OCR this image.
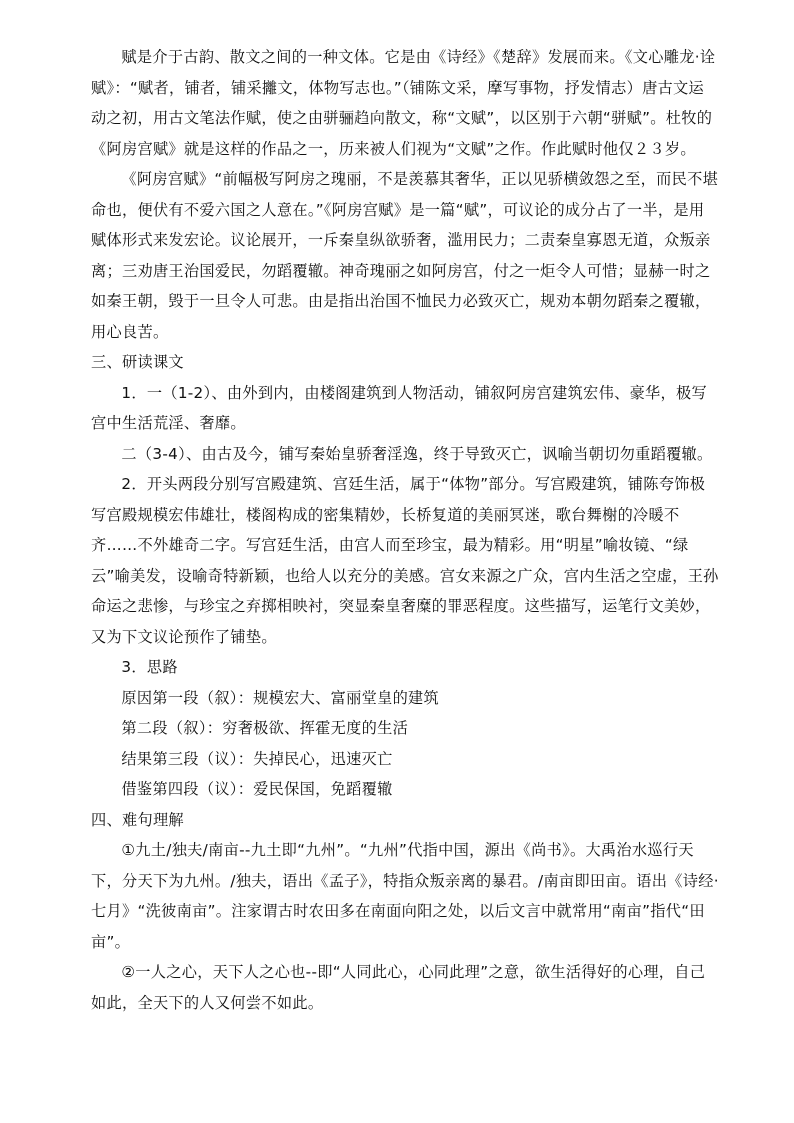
赋是介于古韵、散文之间的一种文体。它是由《诗经》《楚辞》发展而来。《文心雕龙·诠赋》：“赋者，铺者，铺采攡文，体物写志也。”（铺陈文采，摩写事物，抒发情志）唐古文运动之初，用古文笔法作赋，使之由骈骊趋向散文，称“文赋”，以区别于六朝“骈赋”。杜牧的《阿房宫赋》就是这样的作品之一，历来被人们视为“文赋”之作。作此赋时他仅２３岁。

《阿房宫赋》“前幅极写阿房之瑰丽，不是羡慕其奢华，正以见骄横敛怨之至，而民不堪命也，便伏有不爱六国之人意在。”《阿房宫赋》是一篇“赋”，可议论的成分占了一半，是用赋体形式来发宏论。议论展开，一斥秦皇纵欲骄奢，滥用民力；二责秦皇寡恩无道，众叛亲离；三劝唐王治国爱民，勿蹈覆辙。神奇瑰丽之如阿房宫，付之一炬令人可惜；显赫一时之如秦王朝，毁于一旦令人可悲。由是指出治国不恤民力必致灭亡，规劝本朝勿蹈秦之覆辙，用心良苦。

三、研读课文

1．一（1-2）、由外到内，由楼阁建筑到人物活动，铺叙阿房宫建筑宏伟、豪华，极写宫中生活荒淫、奢靡。

二（3-4）、由古及今，铺写秦始皇骄奢淫逸，终于导致灭亡，讽喻当朝切勿重蹈覆辙。

2．开头两段分别写宫殿建筑、宫廷生活，属于“体物”部分。写宫殿建筑，铺陈夸饰极写宫殿规模宏伟雄壮，楼阁构成的密集精妙，长桥复道的美丽冥迷，歌台舞榭的冷暖不齐……不外雄奇二字。写宫廷生活，由宫人而至珍宝，最为精彩。用“明星”喻妆镜、“绿云”喻美发，设喻奇特新颖，也给人以充分的美感。宫女来源之广众，宫内生活之空虚，王孙命运之悲惨，与珍宝之弃掷相映衬，突显秦皇奢糜的罪恶程度。这些描写，运笔行文美妙，又为下文议论预作了铺垫。

3．思路

原因第一段（叙）：规模宏大、富丽堂皇的建筑

第二段（叙）：穷奢极欲、挥霍无度的生活

结果第三段（议）：失掉民心，迅速灭亡

借鉴第四段（议）：爱民保国，免蹈覆辙

四、难句理解

①九土/独夫/南亩--九土即“九州”。“九州”代指中国，源出《尚书》。大禹治水巡行天下，分天下为九州。/独夫，语出《孟子》，特指众叛亲离的暴君。/南亩即田亩。语出《诗经·七月》“洗彼南亩”。注家谓古时农田多在南面向阳之处，以后文言中就常用“南亩”指代“田亩”。

②一人之心，天下人之心也--即“人同此心，心同此理”之意，欲生活得好的心理，自己如此，全天下的人又何尝不如此。
